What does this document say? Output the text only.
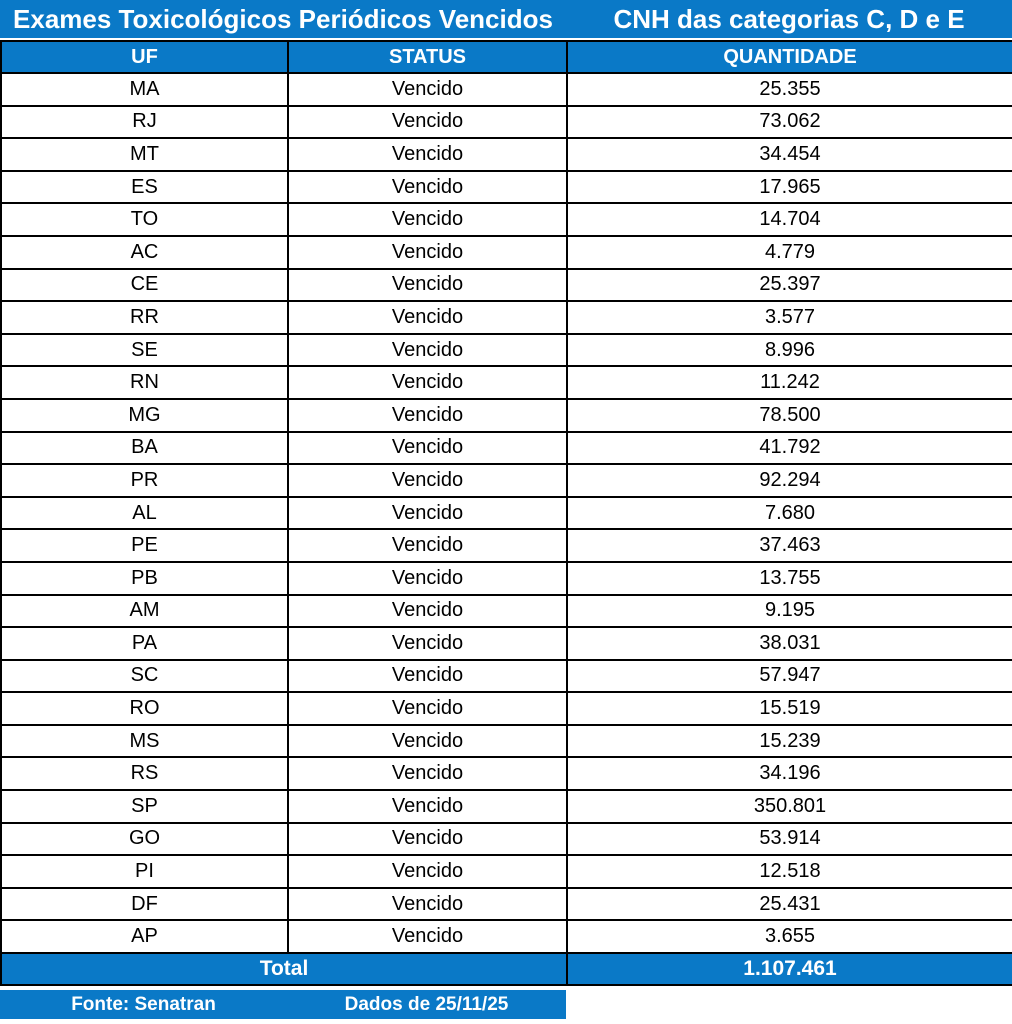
Exames Toxicológicos Periódicos Vencidos	CNH das categorias C, D e E
UF	STATUS	QUANTIDADE
MA	Vencido	25.355
RJ	Vencido	73.062
MT	Vencido	34.454
ES	Vencido	17.965
TO	Vencido	14.704
AC	Vencido	4.779
CE	Vencido	25.397
RR	Vencido	3.577
SE	Vencido	8.996
RN	Vencido	11.242
MG	Vencido	78.500
BA	Vencido	41.792
PR	Vencido	92.294
AL	Vencido	7.680
PE	Vencido	37.463
PB	Vencido	13.755
AM	Vencido	9.195
PA	Vencido	38.031
SC	Vencido	57.947
RO	Vencido	15.519
MS	Vencido	15.239
RS	Vencido	34.196
SP	Vencido	350.801
GO	Vencido	53.914
PI	Vencido	12.518
DF	Vencido	25.431
AP	Vencido	3.655
Total		1.107.461
Fonte: Senatran	Dados de 25/11/25
